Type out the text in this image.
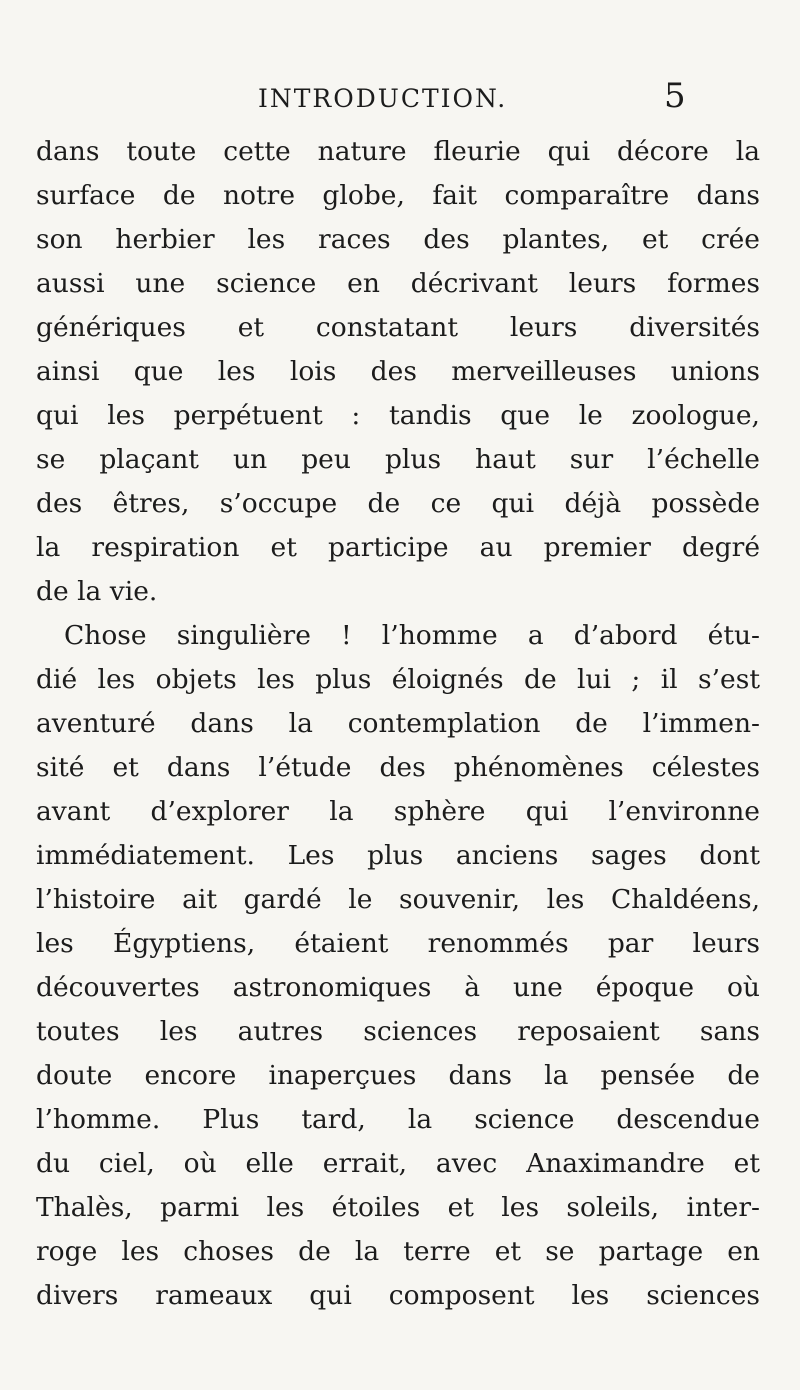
INTRODUCTION.	5
dans toute cette nature fleurie qui décore la
surface de notre globe, fait comparaître dans
son herbier les races des plantes, et crée
aussi une science en décrivant leurs formes
génériques et constatant leurs diversités
ainsi que les lois des merveilleuses unions
qui les perpétuent : tandis que le zoologue,
se plaçant un peu plus haut sur l’échelle
des êtres, s’occupe de ce qui déjà possède
la respiration et participe au premier degré
de la vie.
Chose singulière ! l’homme a d’abord étu-
dié les objets les plus éloignés de lui ; il s’est
aventuré dans la contemplation de l’immen-
sité et dans l’étude des phénomènes célestes
avant d’explorer la sphère qui l’environne
immédiatement. Les plus anciens sages dont
l’histoire ait gardé le souvenir, les Chaldéens,
les Égyptiens, étaient renommés par leurs
découvertes astronomiques à une époque où
toutes les autres sciences reposaient sans
doute encore inaperçues dans la pensée de
l’homme. Plus tard, la science descendue
du ciel, où elle errait, avec Anaximandre et
Thalès, parmi les étoiles et les soleils, inter-
roge les choses de la terre et se partage en
divers rameaux qui composent les sciences
